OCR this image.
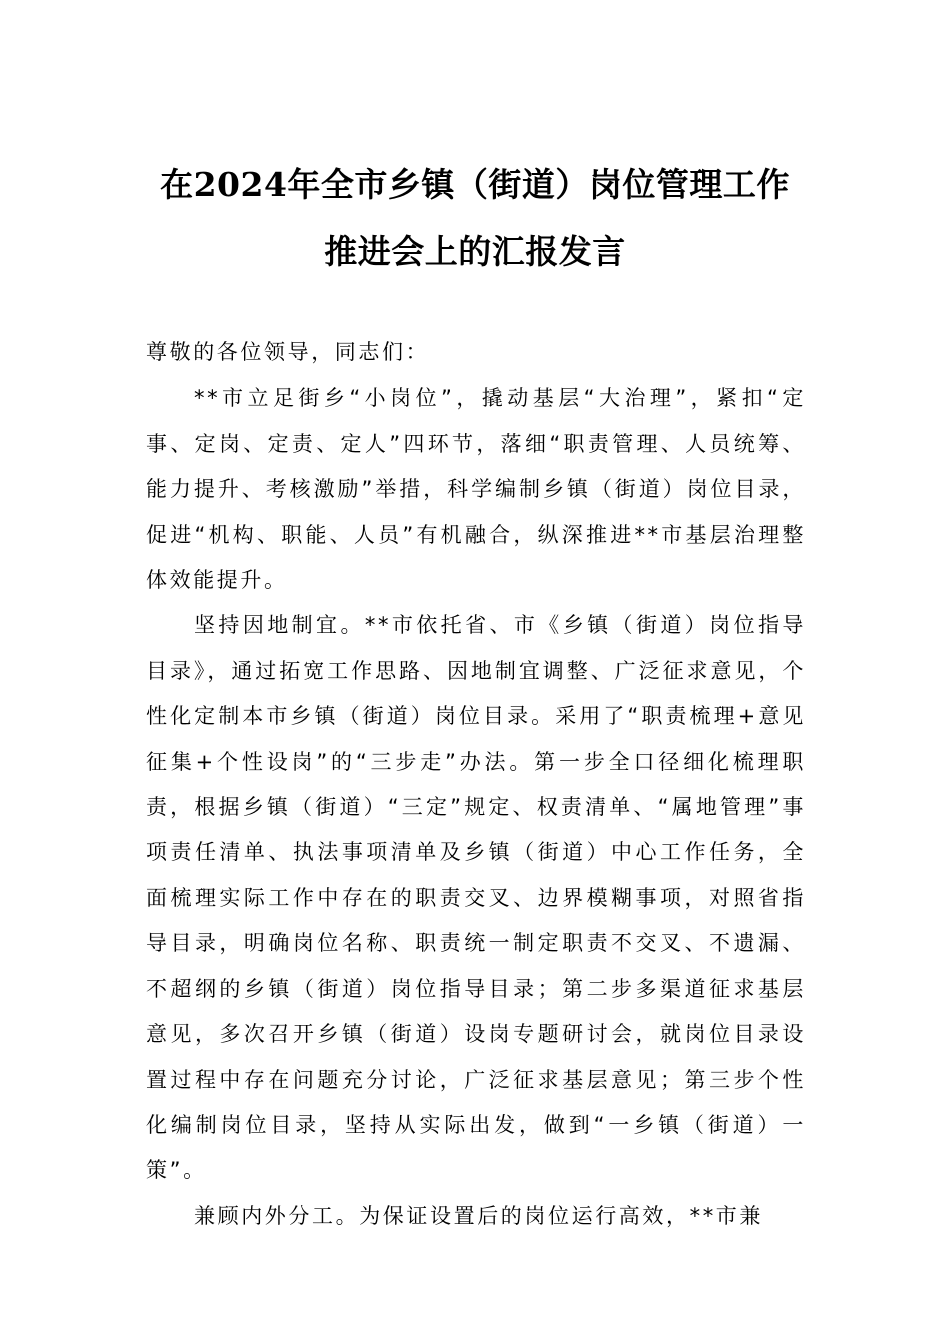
在2024年全市乡镇（街道）岗位管理工作
推进会上的汇报发言

尊敬的各位领导，同志们：

**市立足街乡“小岗位”，撬动基层“大治理”，紧扣“定事、定岗、定责、定人”四环节，落细“职责管理、人员统筹、能力提升、考核激励”举措，科学编制乡镇（街道）岗位目录，促进“机构、职能、人员”有机融合，纵深推进**市基层治理整体效能提升。

坚持因地制宜。**市依托省、市《乡镇（街道）岗位指导目录》，通过拓宽工作思路、因地制宜调整、广泛征求意见，个性化定制本市乡镇（街道）岗位目录。采用了“职责梳理+意见征集+个性设岗”的“三步走”办法。第一步全口径细化梳理职责，根据乡镇（街道）“三定”规定、权责清单、“属地管理”事项责任清单、执法事项清单及乡镇（街道）中心工作任务，全面梳理实际工作中存在的职责交叉、边界模糊事项，对照省指导目录，明确岗位名称、职责统一制定职责不交叉、不遗漏、不超纲的乡镇（街道）岗位指导目录；第二步多渠道征求基层意见，多次召开乡镇（街道）设岗专题研讨会，就岗位目录设置过程中存在问题充分讨论，广泛征求基层意见；第三步个性化编制岗位目录，坚持从实际出发，做到“一乡镇（街道）一策”。

兼顾内外分工。为保证设置后的岗位运行高效，**市兼
